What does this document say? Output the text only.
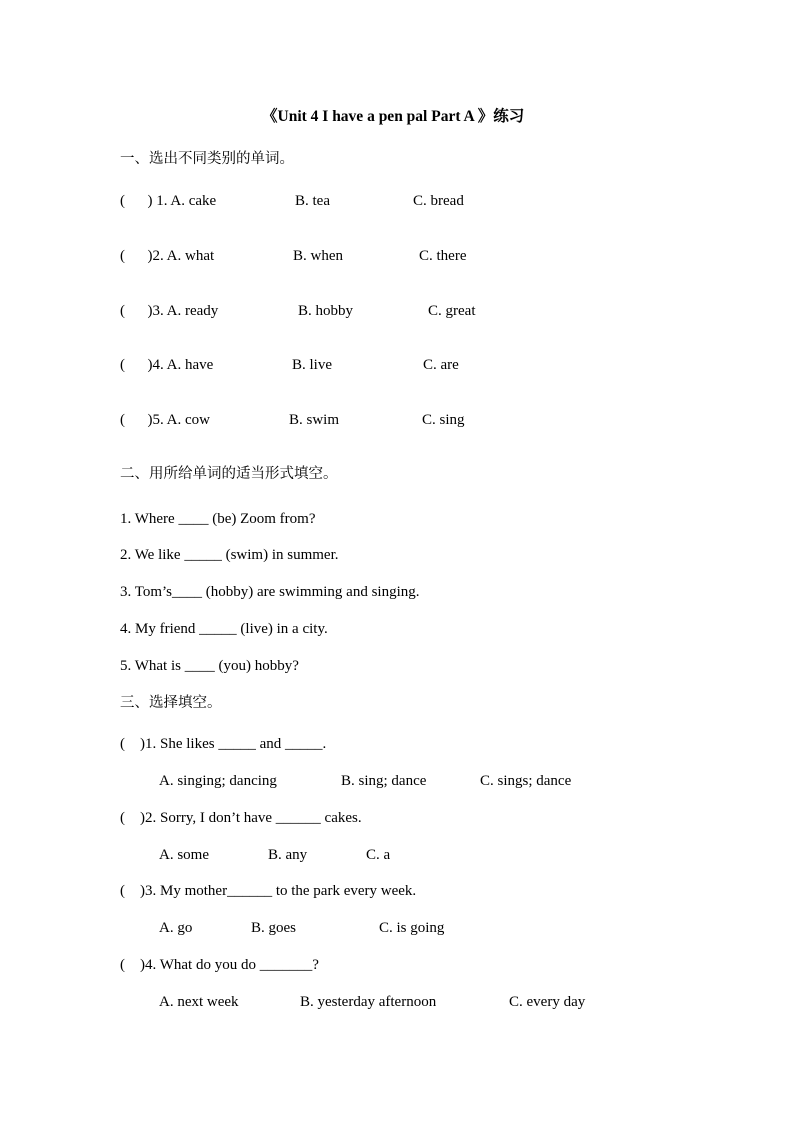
《Unit 4 I have a pen pal Part A 》练习
一、选出不同类别的单词。
(      ) 1. A. cake	B. tea	C. bread
(      )2. A. what	B. when	C. there
(      )3. A. ready	B. hobby	C. great
(      )4. A. have	B. live	C. are
(      )5. A. cow	B. swim	C. sing
二、用所给单词的适当形式填空。
1. Where ____ (be) Zoom from?
2. We like _____ (swim) in summer.
3. Tom’s____ (hobby) are swimming and singing.
4. My friend _____ (live) in a city.
5. What is ____ (you) hobby?
三、选择填空。
(    )1. She likes _____ and _____.
A. singing; dancing	B. sing; dance	C. sings; dance
(    )2. Sorry, I don’t have ______ cakes.
A. some	B. any	C. a
(    )3. My mother______ to the park every week.
A. go	B. goes	C. is going
(    )4. What do you do _______?
A. next week	B. yesterday afternoon	C. every day
